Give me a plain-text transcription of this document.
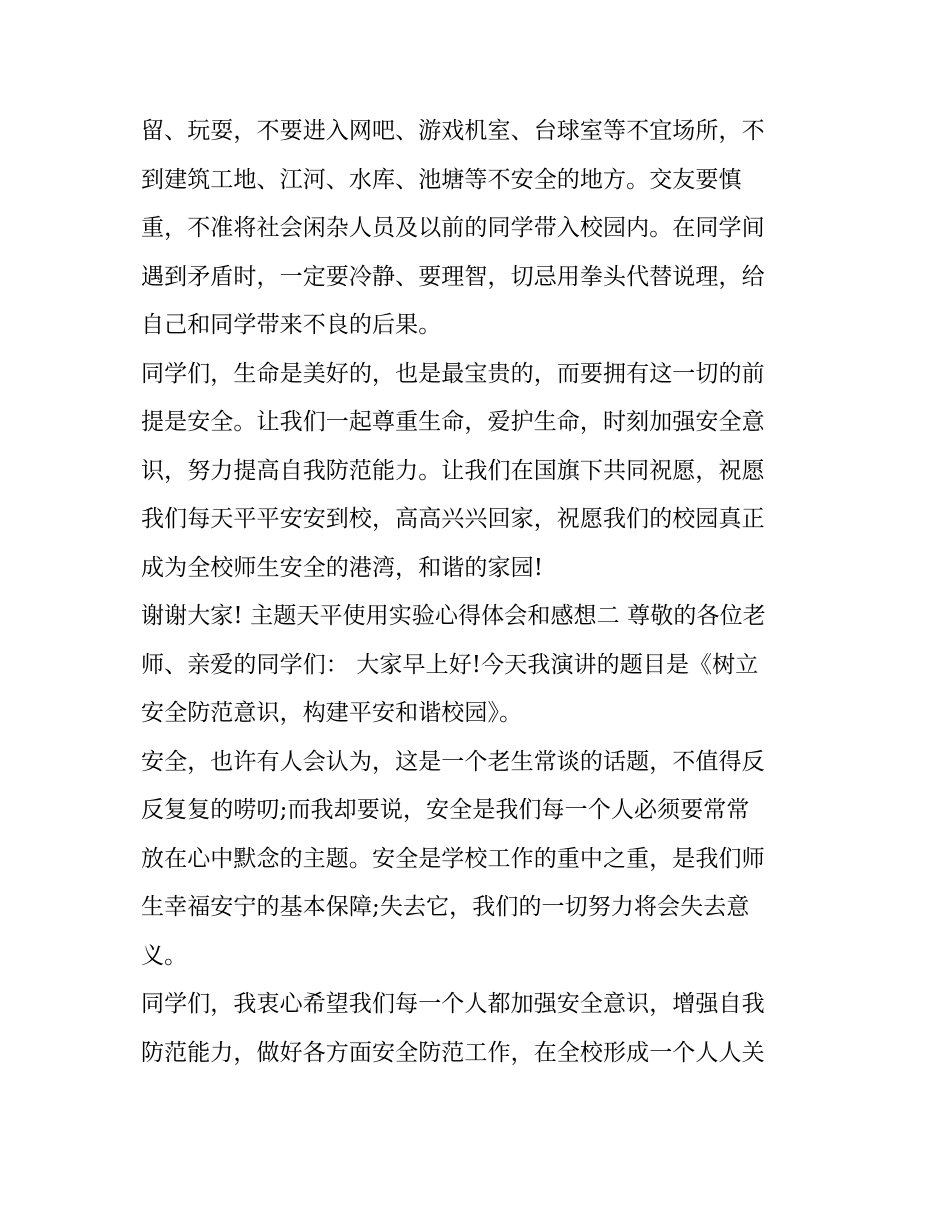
留、玩耍，不要进入网吧、游戏机室、台球室等不宜场所，不
到建筑工地、江河、水库、池塘等不安全的地方。交友要慎
重，不准将社会闲杂人员及以前的同学带入校园内。在同学间
遇到矛盾时，一定要冷静、要理智，切忌用拳头代替说理，给
自己和同学带来不良的后果。
同学们，生命是美好的，也是最宝贵的，而要拥有这一切的前
提是安全。让我们一起尊重生命，爱护生命，时刻加强安全意
识，努力提高自我防范能力。让我们在国旗下共同祝愿，祝愿
我们每天平平安安到校，高高兴兴回家，祝愿我们的校园真正
成为全校师生安全的港湾，和谐的家园!
谢谢大家! 主题天平使用实验心得体会和感想二 尊敬的各位老
师、亲爱的同学们： 大家早上好!今天我演讲的题目是《树立
安全防范意识，构建平安和谐校园》。
安全，也许有人会认为，这是一个老生常谈的话题，不值得反
反复复的唠叨;而我却要说，安全是我们每一个人必须要常常
放在心中默念的主题。安全是学校工作的重中之重，是我们师
生幸福安宁的基本保障;失去它，我们的一切努力将会失去意
义。
同学们，我衷心希望我们每一个人都加强安全意识，增强自我
防范能力，做好各方面安全防范工作，在全校形成一个人人关
